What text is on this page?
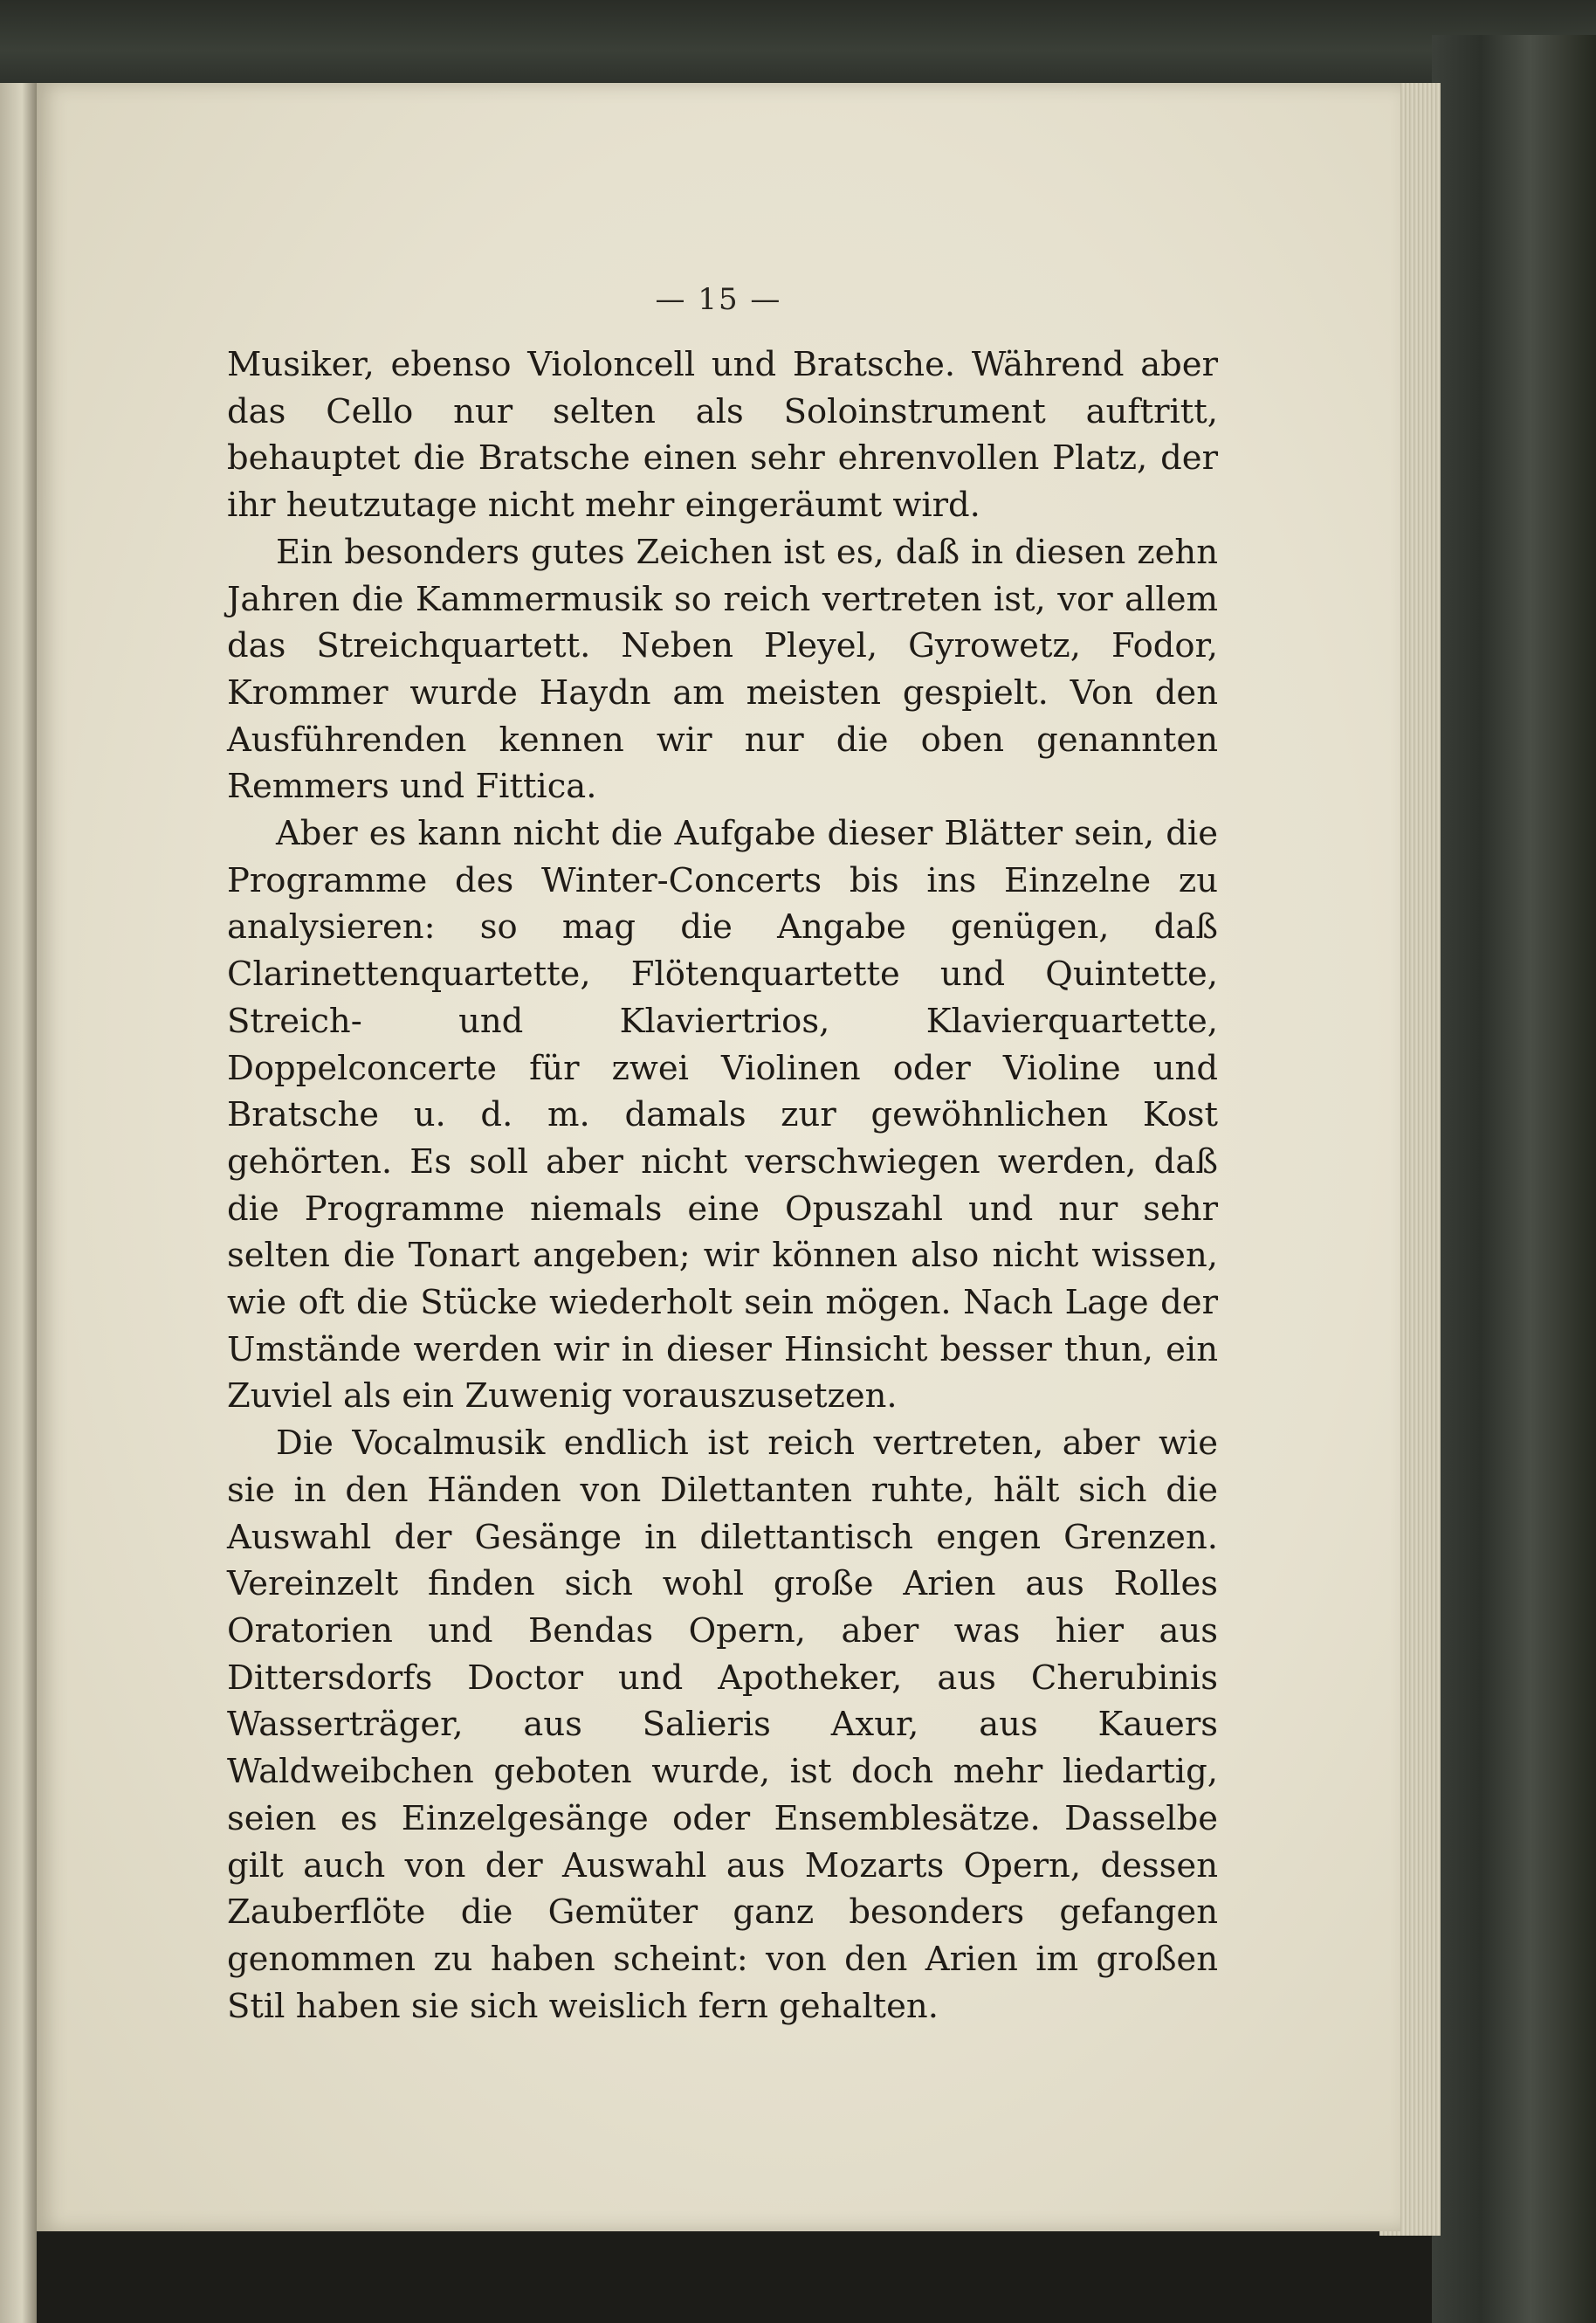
— 15 —

Musiker, ebenso Violoncell und Bratsche. Während aber das Cello nur selten als Soloinstrument auftritt, behauptet die Bratsche einen sehr ehrenvollen Platz, der ihr heutzutage nicht mehr eingeräumt wird.

Ein besonders gutes Zeichen ist es, daß in diesen zehn Jahren die Kammermusik so reich vertreten ist, vor allem das Streichquartett. Neben Pleyel, Gyrowetz, Fodor, Krommer wurde Haydn am meisten gespielt. Von den Ausführenden kennen wir nur die oben genannten Remmers und Fittica.

Aber es kann nicht die Aufgabe dieser Blätter sein, die Programme des Winter-Concerts bis ins Einzelne zu analysieren: so mag die Angabe genügen, daß Clarinettenquartette, Flötenquartette und Quintette, Streich- und Klaviertrios, Klavierquartette, Doppelconcerte für zwei Violinen oder Violine und Bratsche u. d. m. damals zur gewöhnlichen Kost gehörten. Es soll aber nicht verschwiegen werden, daß die Programme niemals eine Opuszahl und nur sehr selten die Tonart angeben; wir können also nicht wissen, wie oft die Stücke wiederholt sein mögen. Nach Lage der Umstände werden wir in dieser Hinsicht besser thun, ein Zuviel als ein Zuwenig vorauszusetzen.

Die Vocalmusik endlich ist reich vertreten, aber wie sie in den Händen von Dilettanten ruhte, hält sich die Auswahl der Gesänge in dilettantisch engen Grenzen. Vereinzelt finden sich wohl große Arien aus Rolles Oratorien und Bendas Opern, aber was hier aus Dittersdorfs Doctor und Apotheker, aus Cherubinis Wasserträger, aus Salieris Axur, aus Kauers Waldweibchen geboten wurde, ist doch mehr liedartig, seien es Einzelgesänge oder Ensemblesätze. Dasselbe gilt auch von der Auswahl aus Mozarts Opern, dessen Zauberflöte die Gemüter ganz besonders gefangen genommen zu haben scheint: von den Arien im großen Stil haben sie sich weislich fern gehalten.
